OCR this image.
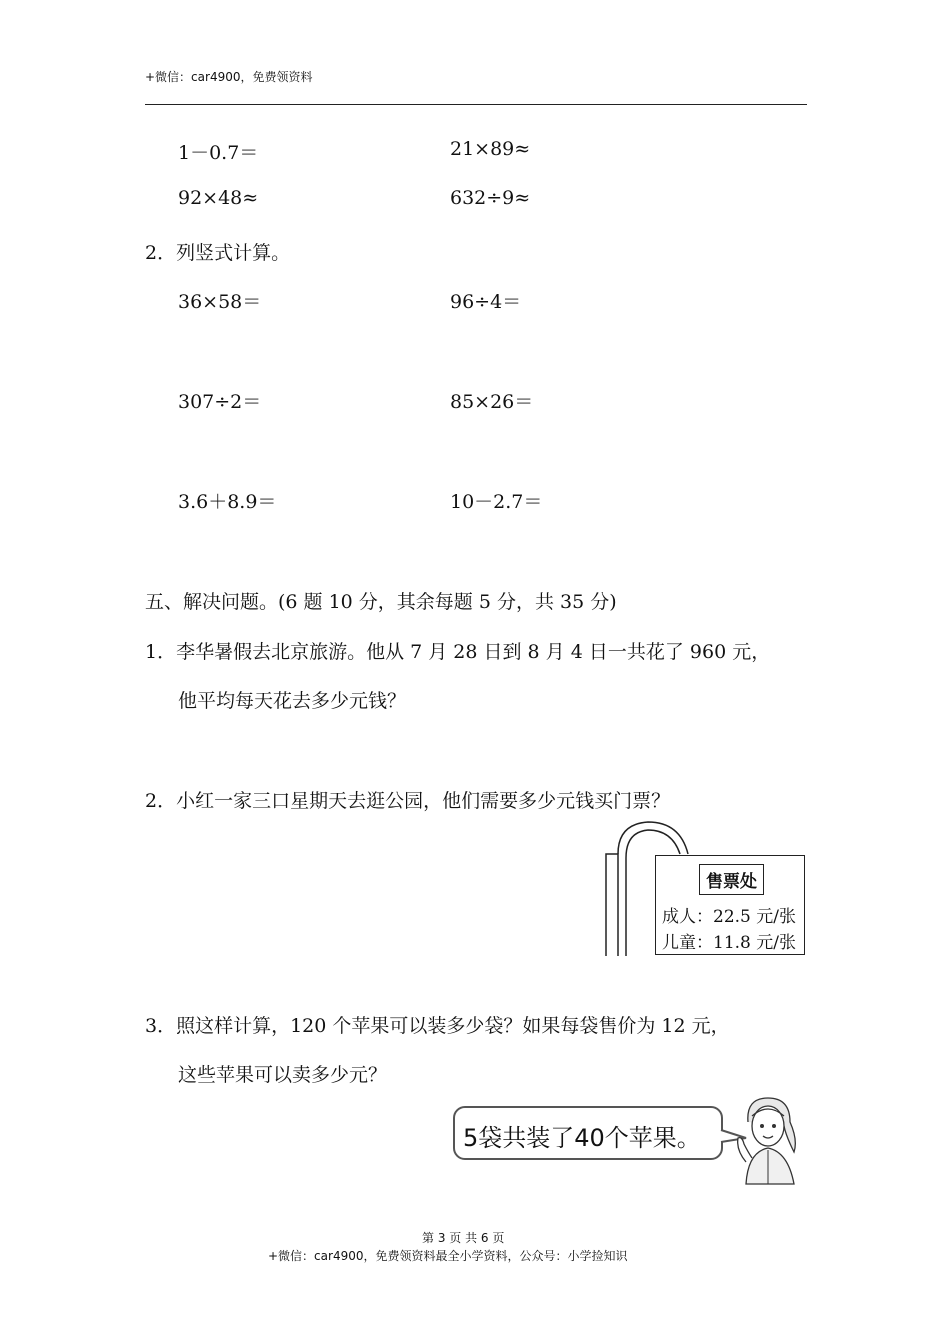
+微信：car4900，免费领资料
1－0.7＝	21×89≈
92×48≈	632÷9≈
2．列竖式计算。
36×58＝	96÷4＝
307÷2＝	85×26＝
3.6＋8.9＝	10－2.7＝
五、解决问题。(6 题 10 分，其余每题 5 分，共 35 分)
1．李华暑假去北京旅游。他从 7 月 28 日到 8 月 4 日一共花了 960 元，
他平均每天花去多少元钱？
2．小红一家三口星期天去逛公园，他们需要多少元钱买门票？
售票处
成人：22.5 元/张
儿童：11.8 元/张
3．照这样计算，120 个苹果可以装多少袋？如果每袋售价为 12 元，
这些苹果可以卖多少元？
5袋共装了40个苹果。
第 3 页 共 6 页
+微信：car4900，免费领资料最全小学资料，公众号：小学捡知识
